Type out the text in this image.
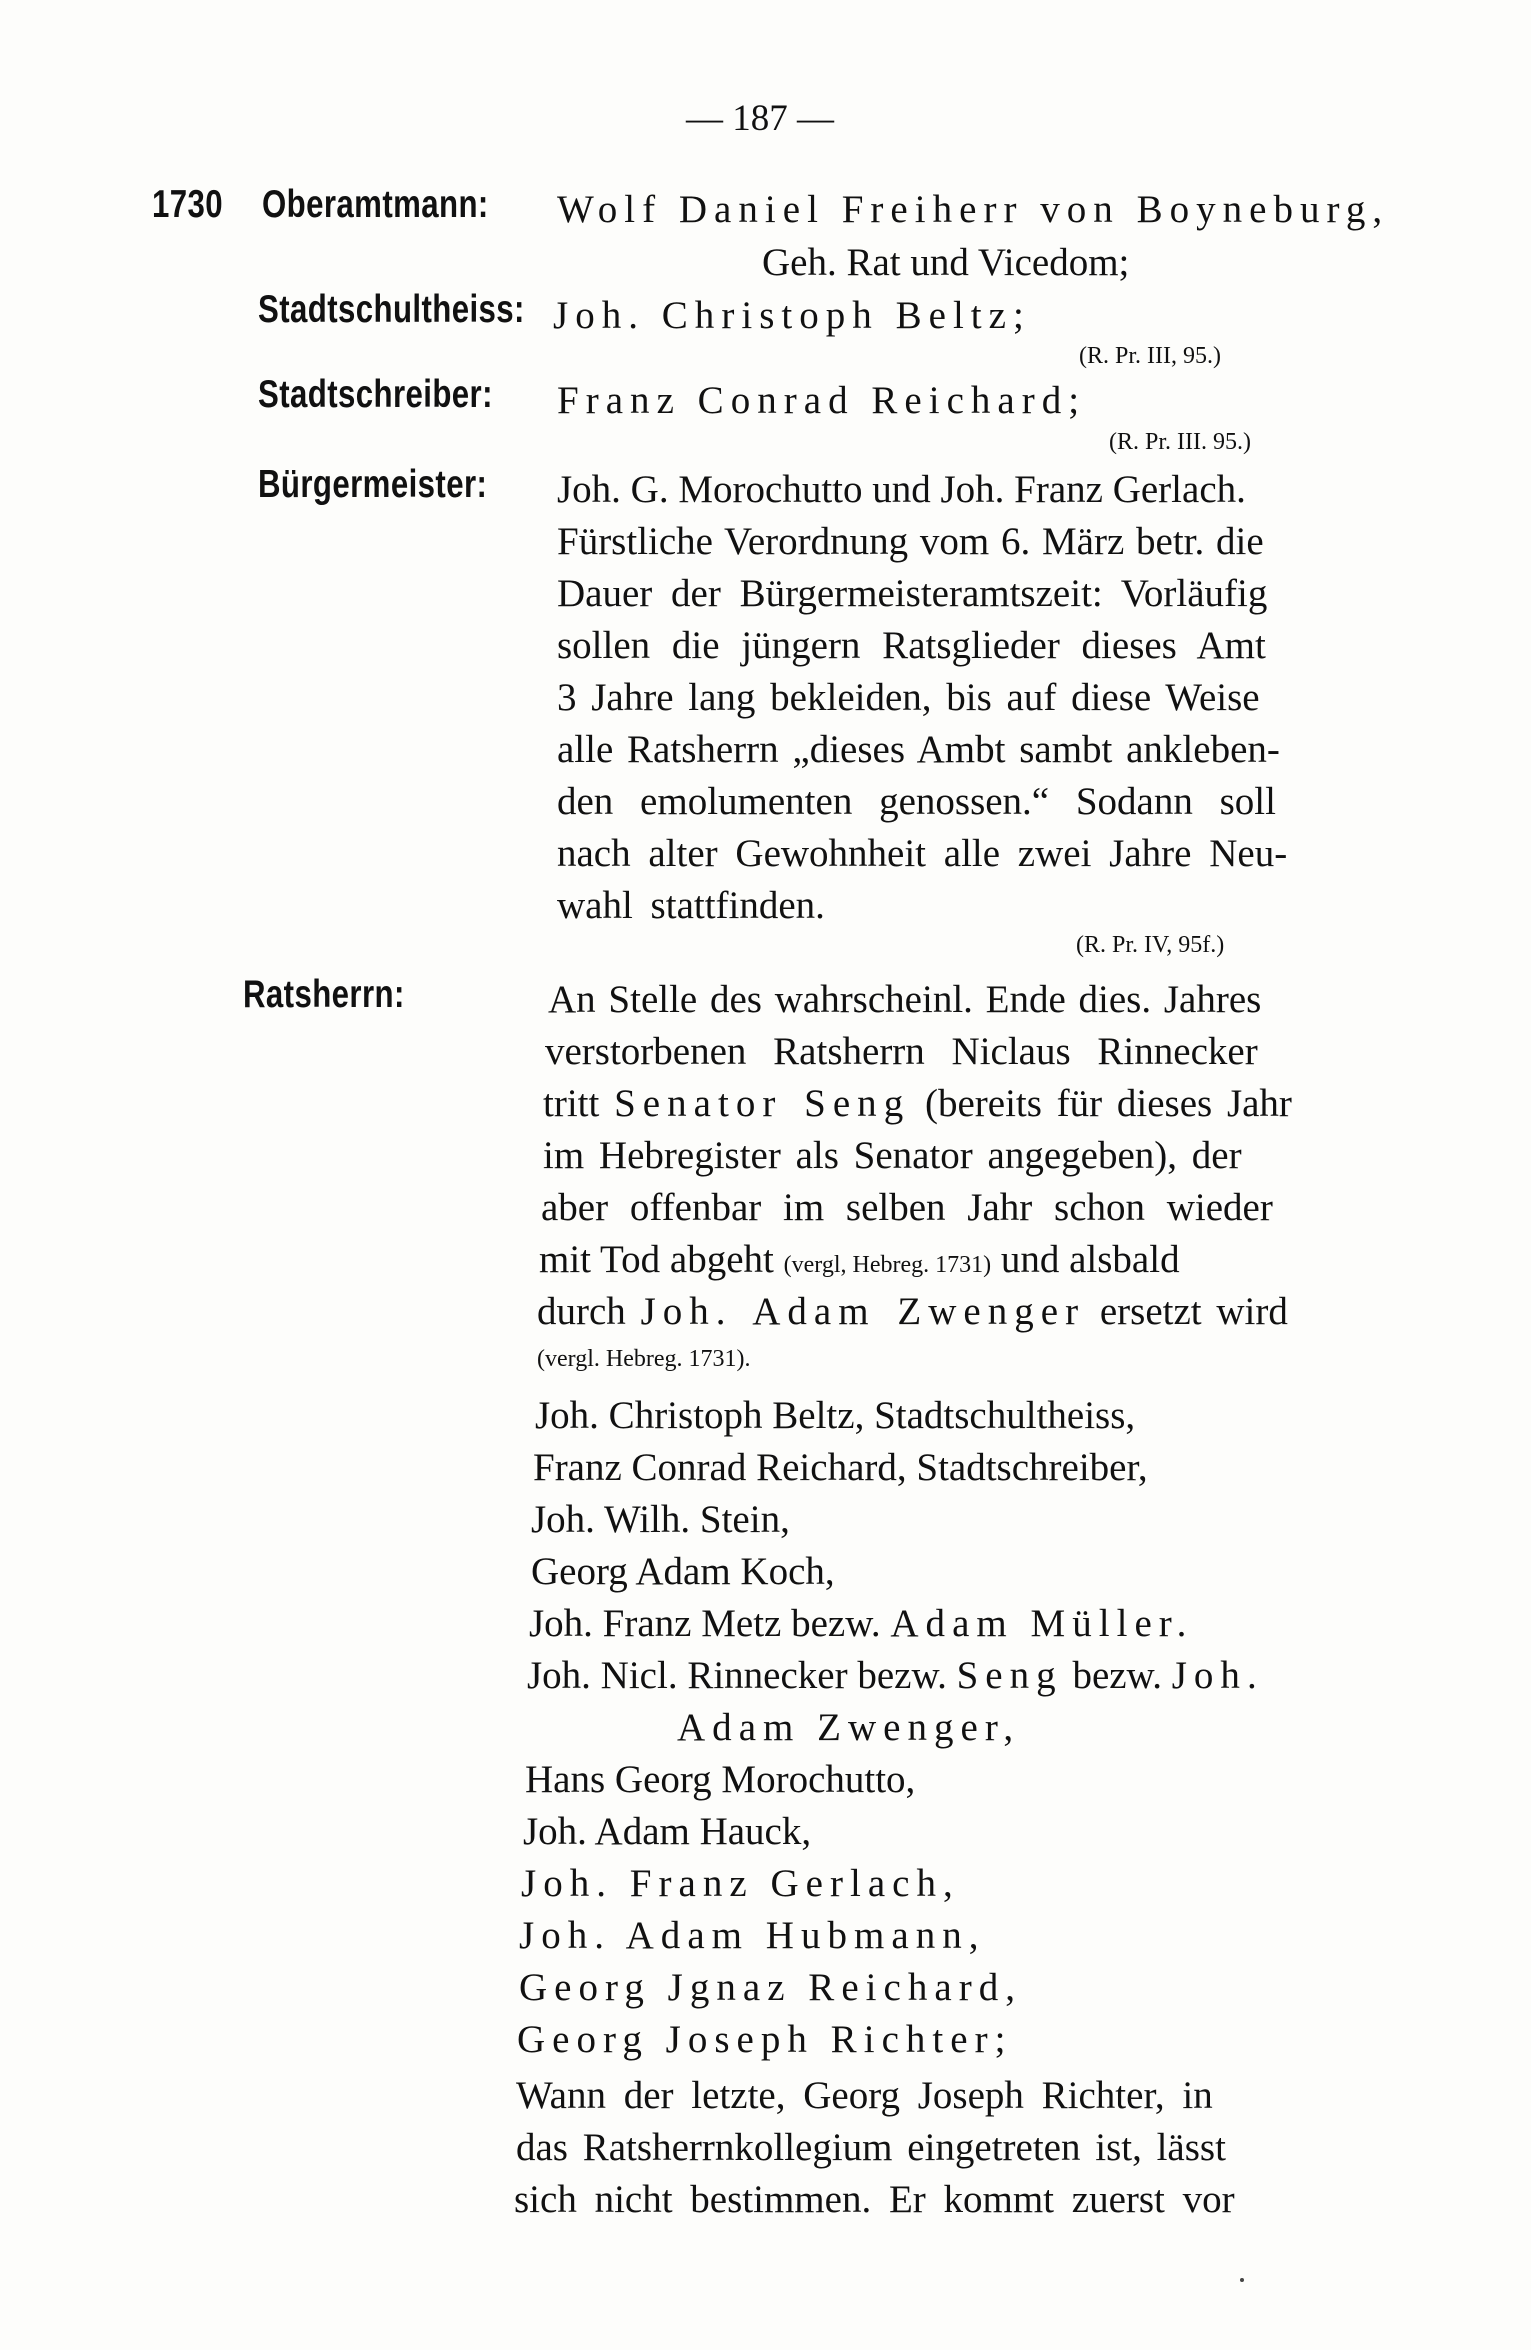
— 187 —
1730 Oberamtmann: Wolf Daniel Freiherr von Boyneburg,
Geh. Rat und Vicedom;
Stadtschultheiss: Joh. Christoph Beltz;
(R. Pr. III, 95.)
Stadtschreiber: Franz Conrad Reichard;
(R. Pr. III. 95.)
Bürgermeister: Joh. G. Morochutto und Joh. Franz Gerlach.
Fürstliche Verordnung vom 6. März betr. die
Dauer der Bürgermeisteramtszeit: Vorläufig
sollen die jüngern Ratsglieder dieses Amt
3 Jahre lang bekleiden, bis auf diese Weise
alle Ratsherrn „dieses Ambt sambt ankleben-
den emolumenten genossen.“ Sodann soll
nach alter Gewohnheit alle zwei Jahre Neu-
wahl stattfinden.
(R. Pr. IV, 95f.)
Ratsherrn:	An Stelle des wahrscheinl. Ende dies. Jahres
verstorbenen Ratsherrn Niclaus Rinnecker
tritt Senator Seng (bereits für dieses Jahr
im Hebregister als Senator angegeben), der
aber offenbar im selben Jahr schon wieder
mit Tod abgeht (vergl, Hebreg. 1731) und alsbald
durch Joh. Adam Zwenger ersetzt wird
(vergl. Hebreg. 1731).
Joh. Christoph Beltz, Stadtschultheiss,
Franz Conrad Reichard, Stadtschreiber,
Joh. Wilh. Stein,
Georg Adam Koch,
Joh. Franz Metz bezw. Adam Müller.
Joh. Nicl. Rinnecker bezw. Seng bezw. Joh.
Adam Zwenger,
Hans Georg Morochutto,
Joh. Adam Hauck,
Joh. Franz Gerlach,
Joh. Adam Hubmann,
Georg Jgnaz Reichard,
Georg Joseph Richter;
Wann der letzte, Georg Joseph Richter, in
das Ratsherrnkollegium eingetreten ist, lässt
sich nicht bestimmen. Er kommt zuerst vor
